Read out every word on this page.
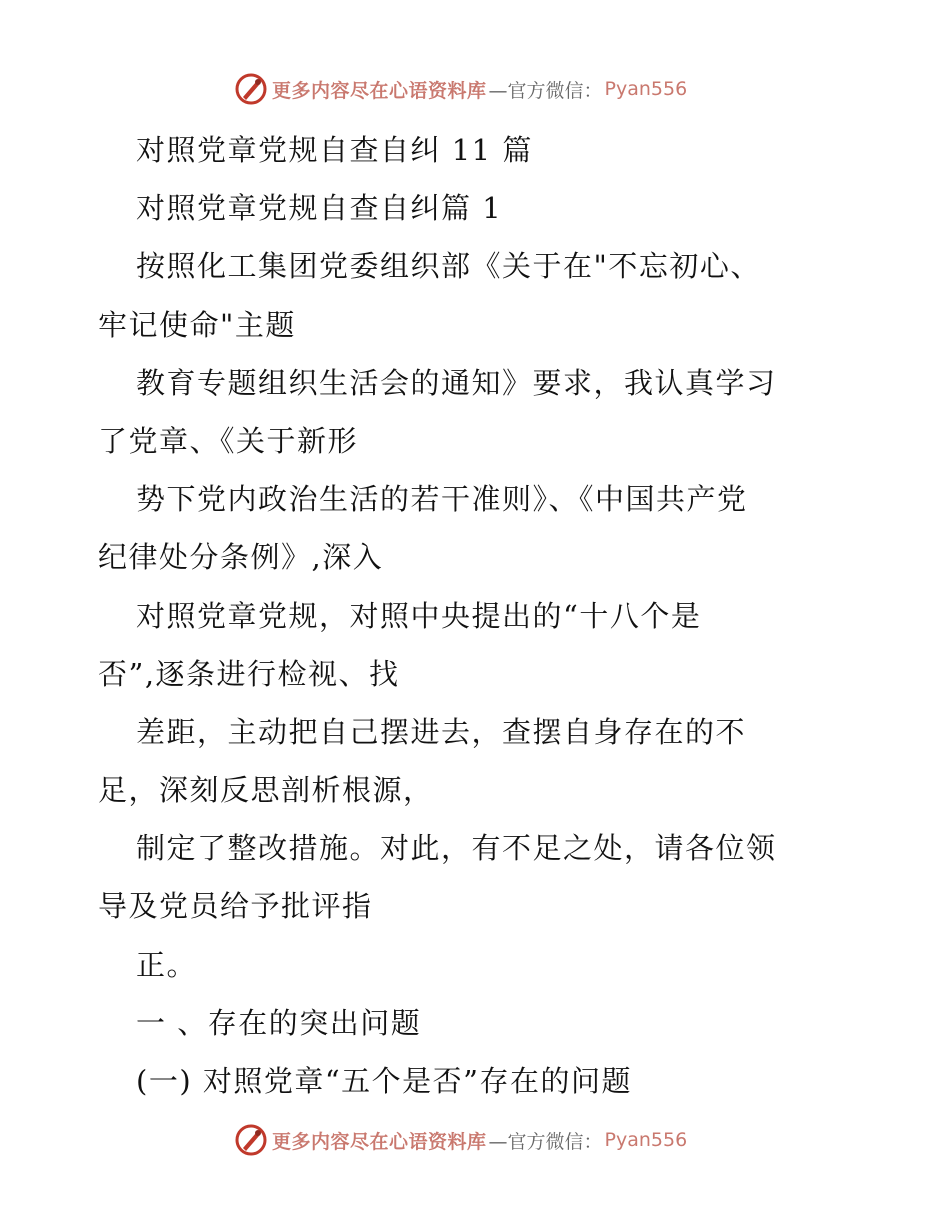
更多内容尽在心语资料库 —官方微信： Pyan556
对照党章党规自查自纠 11 篇
对照党章党规自查自纠篇 1
按照化工集团党委组织部《关于在"不忘初心、
牢记使命"主题
教育专题组织生活会的通知》要求，我认真学习
了党章、《关于新形
势下党内政治生活的若干准则》、《中国共产党
纪律处分条例》,深入
对照党章党规，对照中央提出的“十八个是
否”,逐条进行检视、找
差距，主动把自己摆进去，查摆自身存在的不
足，深刻反思剖析根源，
制定了整改措施。对此，有不足之处，请各位领
导及党员给予批评指
正。
一 、存在的突出问题
(一) 对照党章“五个是否”存在的问题
更多内容尽在心语资料库 —官方微信： Pyan556
